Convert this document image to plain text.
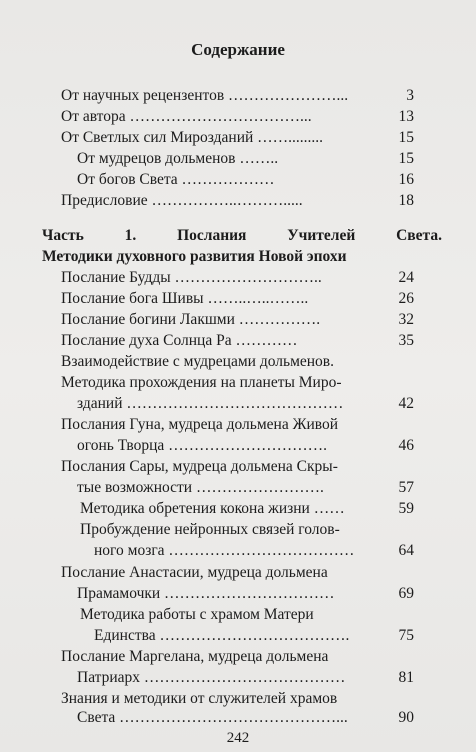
Содержание
От научных рецензентов …………………...	3
От автора ……………………………...	13
От Светлых сил Мирозданий …….........	15
От мудрецов дольменов ……..	15
От богов Света ………………	16
Предисловие ……………..……….....	18
Часть 1. Послания Учителей Света.
Методики духовного развития Новой эпохи
Послание Будды ………………………..	24
Послание бога Шивы ……..…..……..	26
Послание богини Лакшми …………….	32
Послание духа Солнца Ра …………	35
Взаимодействие с мудрецами дольменов.
Методика прохождения на планеты Миро-
зданий ……………………………………	42
Послания Гуна, мудреца дольмена Живой
огонь Творца ………………………….	46
Послания Сары, мудреца дольмена Скры-
тые возможности …………………….	57
Методика обретения кокона жизни ……	59
Пробуждение нейронных связей голов-
ного мозга ………………………………	64
Послание Анастасии, мудреца дольмена
Прамамочки ……………………………	69
Методика работы с храмом Матери
Единства ……………………………….	75
Послание Маргелана, мудреца дольмена
Патриарх …………………………………	81
Знания и методики от служителей храмов
Света ……………………………………...	90
242
